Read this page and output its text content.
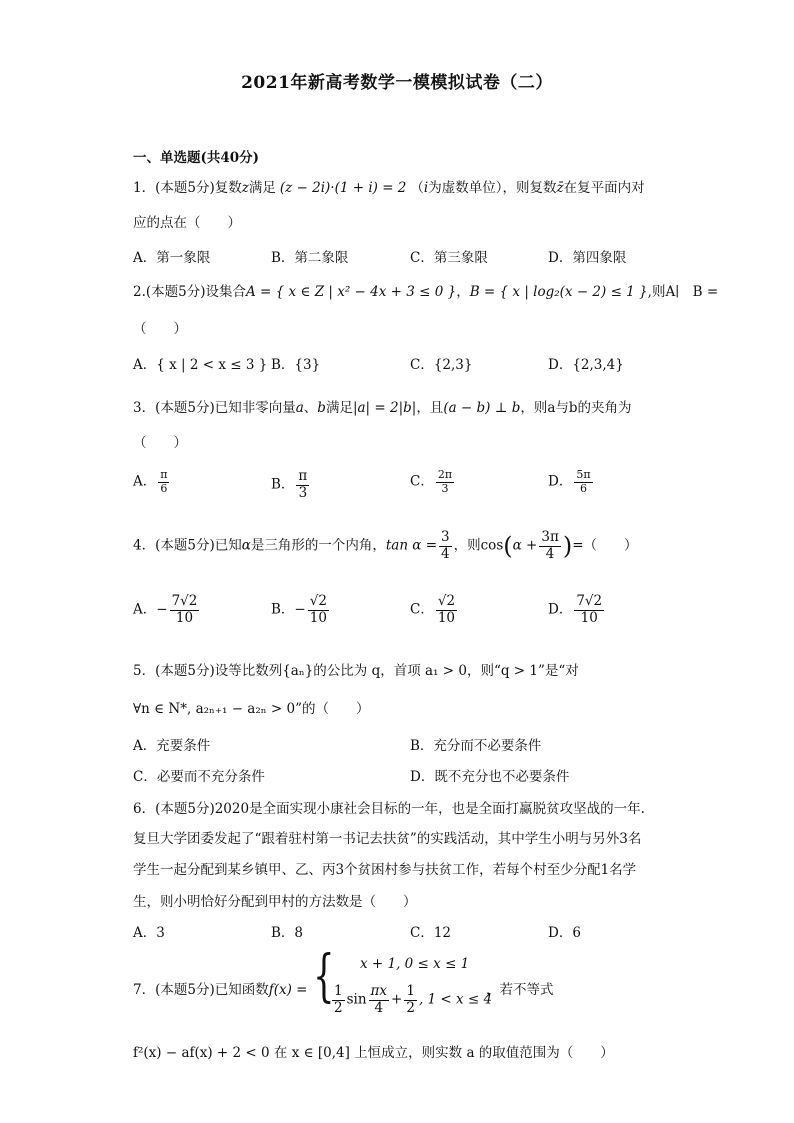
2021年新高考数学一模模拟试卷（二）
一、单选题(共40分)
1．(本题5分)复数z满足 (z − 2i)·(1 + i) = 2 （i为虚数单位），则复数z̄在复平面内对
应的点在（　　）
A．第一象限	B．第二象限	C．第三象限	D．第四象限
2.(本题5分)设集合A = { x ∈ Z | x² − 4x + 3 ≤ 0 }，B = { x | log₂(x − 2) ≤ 1 },则A∣　B =
（　　）
A．{ x | 2 < x ≤ 3 } B．{3}	C．{2,3}	D．{2,3,4}
3．(本题5分)已知非零向量a、b满足|a| = 2|b|，且(a − b) ⊥ b，则a与b的夹角为
（　　）
A． $\frac{\pi}{6}$	B． $\frac{\pi}{3}$	C． $\frac{2\pi}{3}$	D． $\frac{5\pi}{6}$
4．(本题5分)已知α是三角形的一个内角，$\tan \alpha = \frac{3}{4}$ ，则$\cos(\alpha + \frac{3\pi}{4}$ )=（　　）
A．− $\frac{7√2}{10}$	B．− $\frac{√2}{10}$	C． $\frac{√2}{10}$	D． $\frac{7√2}{10}$
5．(本题5分)设等比数列{aₙ}的公比为 q，首项 a₁ > 0，则“q > 1”是“对
∀n ∈ N*, a₂ₙ₊₁ − a₂ₙ > 0”的（　　）
A．充要条件	B．充分而不必要条件
C．必要而不充分条件	D．既不充分也不必要条件
6．(本题5分)2020是全面实现小康社会目标的一年，也是全面打赢脱贫攻坚战的一年.
复旦大学团委发起了“跟着驻村第一书记去扶贫”的实践活动，其中学生小明与另外3名
学生一起分配到某乡镇甲、乙、丙3个贫困村参与扶贫工作，若每个村至少分配1名学
生，则小明恰好分配到甲村的方法数是（　　）
A．3	B．8	C．12	D．6
7．(本题5分)已知函数f(x) = { x + 1, 0 ≤ x ≤ 1
$\frac{1}{2}$ $\sin \frac{\pi x}{4} + \frac{1}{2}$ , 1 < x ≤ 4
，若不等式
f²(x) − af(x) + 2 < 0 在 x ∈ [0,4] 上恒成立，则实数 a 的取值范围为（　　）
